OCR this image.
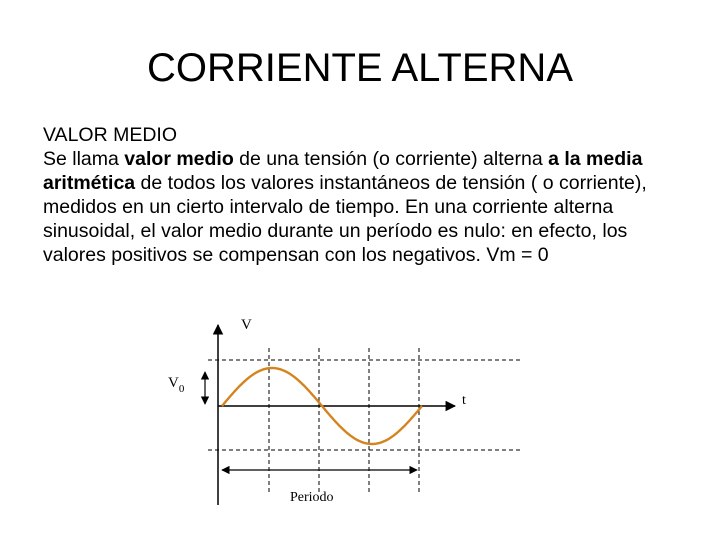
CORRIENTE ALTERNA

VALOR MEDIO

Se llama valor medio de una tensión (o corriente) alterna a la media aritmética de todos los valores instantáneos de tensión ( o corriente), medidos en un cierto intervalo de tiempo. En una corriente alterna sinusoidal, el valor medio durante un período es nulo: en efecto, los valores positivos se compensan con los negativos. Vm = 0

V
$V_0$
t
Periodo
